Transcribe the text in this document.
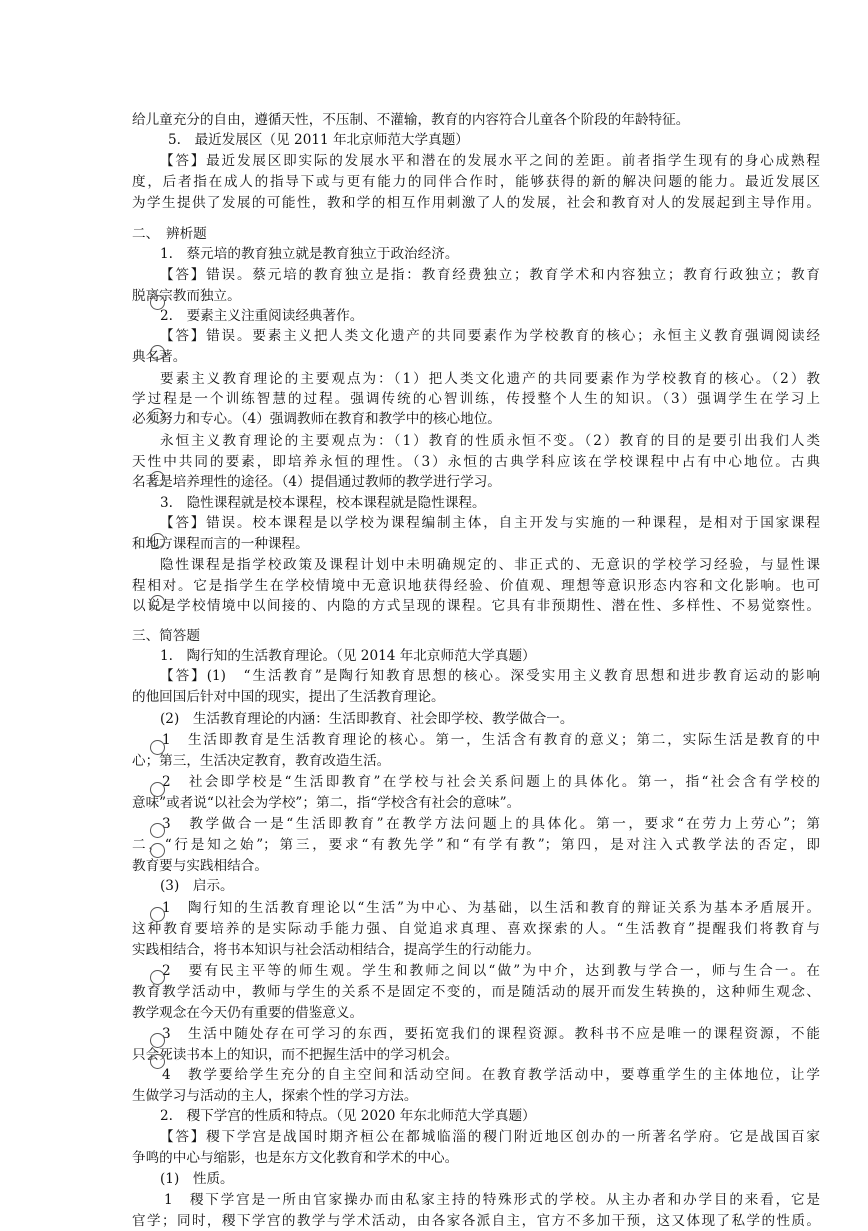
给儿童充分的自由，遵循天性，不压制、不灌输，教育的内容符合儿童各个阶段的年龄特征。
5.　最近发展区（见 2011 年北京师范大学真题）
【答】最近发展区即实际的发展水平和潜在的发展水平之间的差距。前者指学生现有的身心成熟程
度，后者指在成人的指导下或与更有能力的同伴合作时，能够获得的新的解决问题的能力。最近发展区
为学生提供了发展的可能性，教和学的相互作用刺激了人的发展，社会和教育对人的发展起到主导作用。
二、　辨析题
1.　蔡元培的教育独立就是教育独立于政治经济。
【答】错误。蔡元培的教育独立是指：教育经费独立；教育学术和内容独立；教育行政独立；教育
脱离宗教而独立。
2.　要素主义注重阅读经典著作。
【答】错误。要素主义把人类文化遗产的共同要素作为学校教育的核心；永恒主义教育强调阅读经
典名著。
要素主义教育理论的主要观点为：（1）把人类文化遗产的共同要素作为学校教育的核心。（2）教
学过程是一个训练智慧的过程。强调传统的心智训练，传授整个人生的知识。（3）强调学生在学习上
必须努力和专心。（4）强调教师在教育和教学中的核心地位。
永恒主义教育理论的主要观点为：（1）教育的性质永恒不变。（2）教育的目的是要引出我们人类
天性中共同的要素，即培养永恒的理性。（3）永恒的古典学科应该在学校课程中占有中心地位。古典
名著是培养理性的途径。（4）提倡通过教师的教学进行学习。
3.　隐性课程就是校本课程，校本课程就是隐性课程。
【答】错误。校本课程是以学校为课程编制主体，自主开发与实施的一种课程，是相对于国家课程
和地方课程而言的一种课程。
隐性课程是指学校政策及课程计划中未明确规定的、非正式的、无意识的学校学习经验，与显性课
程相对。它是指学生在学校情境中无意识地获得经验、价值观、理想等意识形态内容和文化影响。也可
以说是学校情境中以间接的、内隐的方式呈现的课程。它具有非预期性、潜在性、多样性、不易觉察性。
三、简答题
1.　陶行知的生活教育理论。（见 2014 年北京师范大学真题）
【答】(1)　“生活教育”是陶行知教育思想的核心。深受实用主义教育思想和进步教育运动的影响
的他回国后针对中国的现实，提出了生活教育理论。
(2)　生活教育理论的内涵：生活即教育、社会即学校、教学做合一。
1　生活即教育是生活教育理论的核心。第一，生活含有教育的意义；第二，实际生活是教育的中
心；第三，生活决定教育，教育改造生活。
2　社会即学校是“生活即教育”在学校与社会关系问题上的具体化。第一，指“社会含有学校的
意味”或者说“以社会为学校”；第二，指“学校含有社会的意味”。
3　教学做合一是“生活即教育”在教学方法问题上的具体化。第一，要求“在劳力上劳心”；第
二，“行是知之始”；第三，要求“有教先学”和“有学有教”；第四，是对注入式教学法的否定，即
教育要与实践相结合。
(3)　启示。
1　陶行知的生活教育理论以“生活”为中心、为基础，以生活和教育的辩证关系为基本矛盾展开。
这种教育要培养的是实际动手能力强、自觉追求真理、喜欢探索的人。“生活教育”提醒我们将教育与
实践相结合，将书本知识与社会活动相结合，提高学生的行动能力。
2　要有民主平等的师生观。学生和教师之间以“做”为中介，达到教与学合一，师与生合一。在
教育教学活动中，教师与学生的关系不是固定不变的，而是随活动的展开而发生转换的，这种师生观念、
教学观念在今天仍有重要的借鉴意义。
3　生活中随处存在可学习的东西，要拓宽我们的课程资源。教科书不应是唯一的课程资源，不能
只会死读书本上的知识，而不把握生活中的学习机会。
4　教学要给学生充分的自主空间和活动空间。在教育教学活动中，要尊重学生的主体地位，让学
生做学习与活动的主人，探索个性的学习方法。
2.　稷下学宫的性质和特点。（见 2020 年东北师范大学真题）
【答】稷下学宫是战国时期齐桓公在都城临淄的稷门附近地区创办的一所著名学府。它是战国百家
争鸣的中心与缩影，也是东方文化教育和学术的中心。
(1)　性质。
1　稷下学宫是一所由官家操办而由私家主持的特殊形式的学校。从主办者和办学目的来看，它是
官学；同时，稷下学宫的教学与学术活动，由各家各派自主，官方不多加干预，这又体现了私学的性质。
